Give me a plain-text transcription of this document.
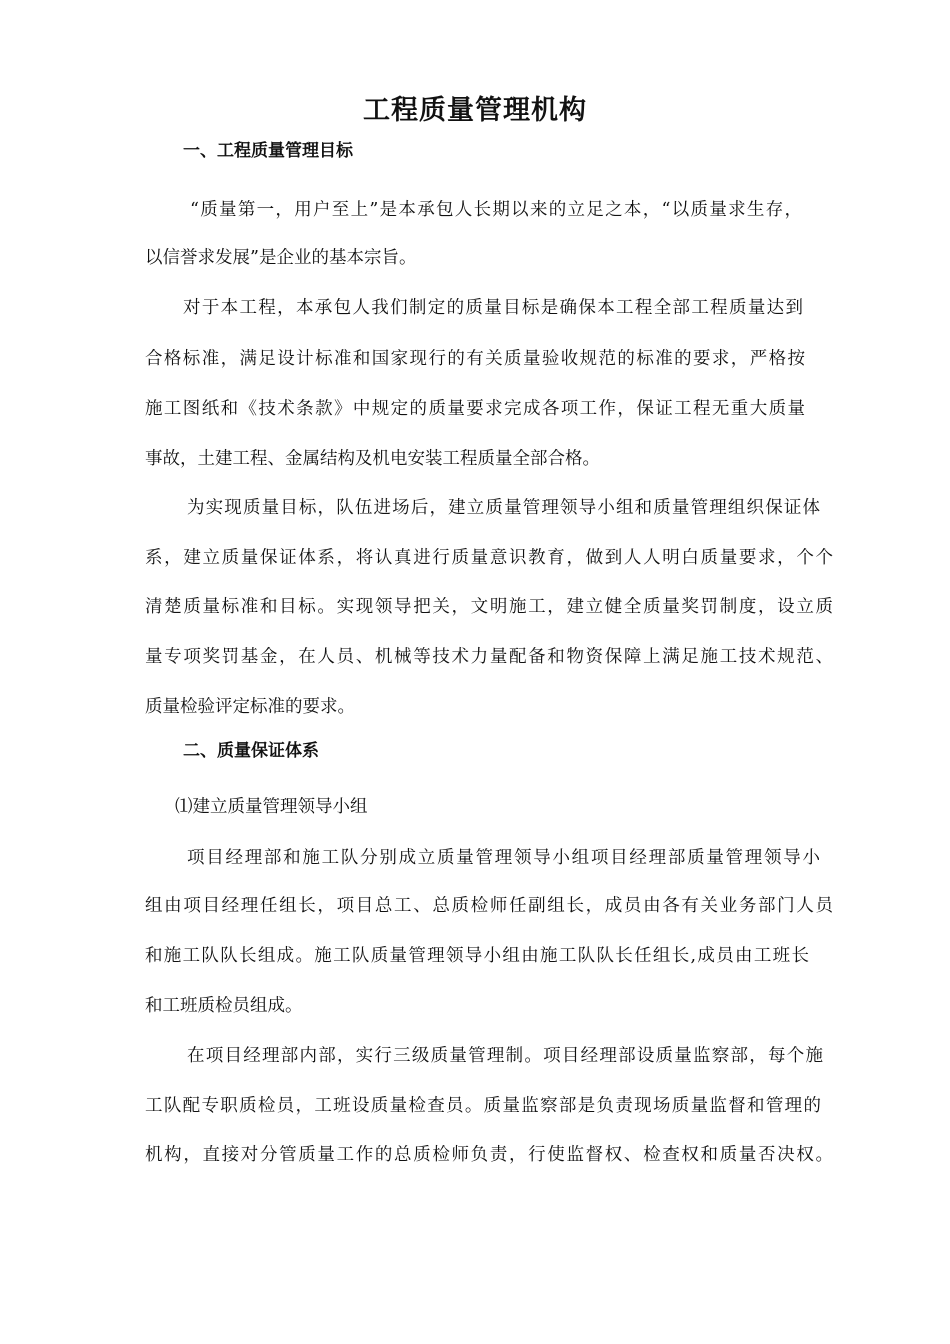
工程质量管理机构
一、工程质量管理目标
“质量第一，用户至上”是本承包人长期以来的立足之本，“以质量求生存，
以信誉求发展”是企业的基本宗旨。
对于本工程，本承包人我们制定的质量目标是确保本工程全部工程质量达到
合格标准，满足设计标准和国家现行的有关质量验收规范的标准的要求，严格按
施工图纸和《技术条款》中规定的质量要求完成各项工作，保证工程无重大质量
事故，土建工程、金属结构及机电安装工程质量全部合格。
为实现质量目标，队伍进场后，建立质量管理领导小组和质量管理组织保证体
系，建立质量保证体系，将认真进行质量意识教育，做到人人明白质量要求，个个
清楚质量标准和目标。实现领导把关，文明施工，建立健全质量奖罚制度，设立质
量专项奖罚基金，在人员、机械等技术力量配备和物资保障上满足施工技术规范、
质量检验评定标准的要求。
二、质量保证体系
⑴建立质量管理领导小组
项目经理部和施工队分别成立质量管理领导小组项目经理部质量管理领导小
组由项目经理任组长，项目总工、总质检师任副组长，成员由各有关业务部门人员
和施工队队长组成。施工队质量管理领导小组由施工队队长任组长,成员由工班长
和工班质检员组成。
在项目经理部内部，实行三级质量管理制。项目经理部设质量监察部，每个施
工队配专职质检员，工班设质量检查员。质量监察部是负责现场质量监督和管理的
机构，直接对分管质量工作的总质检师负责，行使监督权、检查权和质量否决权。
